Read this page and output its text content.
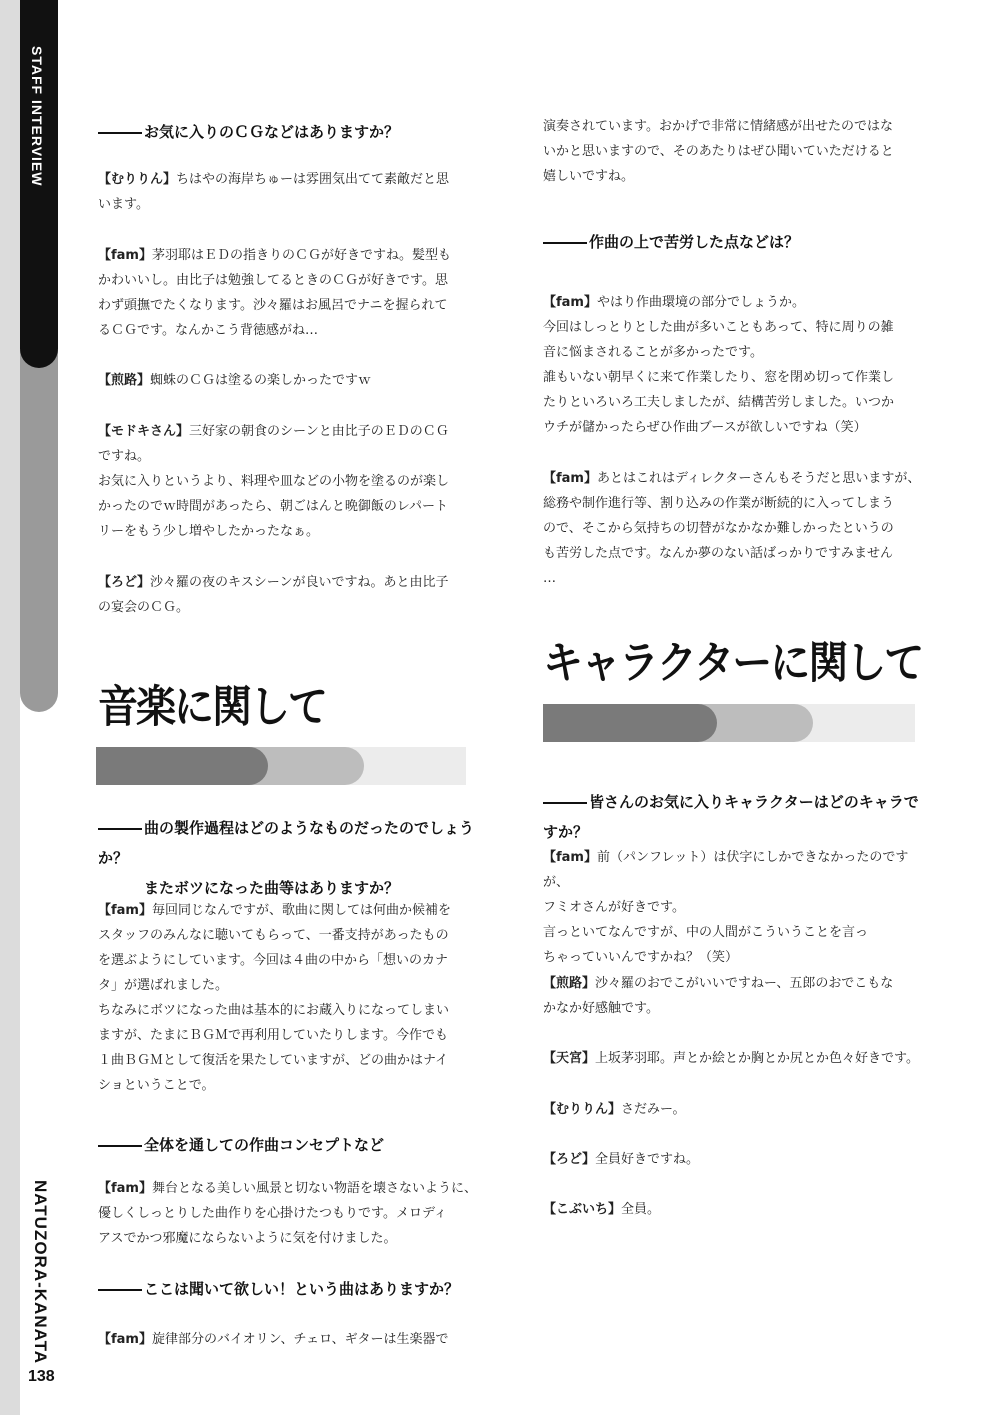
STAFF INTERVIEW
NATUZORA-KANATA
138
お気に入りのＣＧなどはありますか？

【むりりん】ちはやの海岸ちゅーは雰囲気出てて素敵だと思

います。

【fam】茅羽耶はＥＤの指きりのＣＧが好きですね。髪型も

かわいいし。由比子は勉強してるときのＣＧが好きです。思

わず頭撫でたくなります。沙々羅はお風呂でナニを握られて

るＣＧです。なんかこう背徳感がね…

【煎路】蜘蛛のＣＧは塗るの楽しかったですｗ

【モドキさん】三好家の朝食のシーンと由比子のＥＤのＣＧ

ですね。

お気に入りというより、料理や皿などの小物を塗るのが楽し

かったのでｗ時間があったら、朝ごはんと晩御飯のレパート

リーをもう少し増やしたかったなぁ。

【ろど】沙々羅の夜のキスシーンが良いですね。あと由比子

の宴会のＣＧ。

音楽に関して
曲の製作過程はどのようなものだったのでしょうか？
またボツになった曲等はありますか？

【fam】毎回同じなんですが、歌曲に関しては何曲か候補を

スタッフのみんなに聴いてもらって、一番支持があったもの

を選ぶようにしています。今回は４曲の中から「想いのカナ

タ」が選ばれました。

ちなみにボツになった曲は基本的にお蔵入りになってしまい

ますが、たまにＢＧＭで再利用していたりします。今作でも

１曲ＢＧＭとして復活を果たしていますが、どの曲かはナイ

ショということで。

全体を通しての作曲コンセプトなど

【fam】舞台となる美しい風景と切ない物語を壊さないように、

優しくしっとりした曲作りを心掛けたつもりです。メロディ

アスでかつ邪魔にならないように気を付けました。

ここは聞いて欲しい！という曲はありますか？

【fam】旋律部分のバイオリン、チェロ、ギターは生楽器で

演奏されています。おかげで非常に情緒感が出せたのではな

いかと思いますので、そのあたりはぜひ聞いていただけると

嬉しいですね。

作曲の上で苦労した点などは？

【fam】やはり作曲環境の部分でしょうか。

今回はしっとりとした曲が多いこともあって、特に周りの雑

音に悩まされることが多かったです。

誰もいない朝早くに来て作業したり、窓を閉め切って作業し

たりといろいろ工夫しましたが、結構苦労しました。いつか

ウチが儲かったらぜひ作曲ブースが欲しいですね（笑）

【fam】あとはこれはディレクターさんもそうだと思いますが、

総務や制作進行等、割り込みの作業が断続的に入ってしまう

ので、そこから気持ちの切替がなかなか難しかったというの

も苦労した点です。なんか夢のない話ばっかりですみません

…

キャラクターに関して
皆さんのお気に入りキャラクターはどのキャラですか？

【fam】前（パンフレット）は伏字にしかできなかったのですが、

フミオさんが好きです。

言っといてなんですが、中の人間がこういうことを言っ

ちゃっていいんですかね？（笑）

【煎路】沙々羅のおでこがいいですねー、五郎のおでこもな

かなか好感触です。

【天宮】上坂茅羽耶。声とか絵とか胸とか尻とか色々好きです。

【むりりん】さだみー。

【ろど】全員好きですね。

【こぶいち】全員。
